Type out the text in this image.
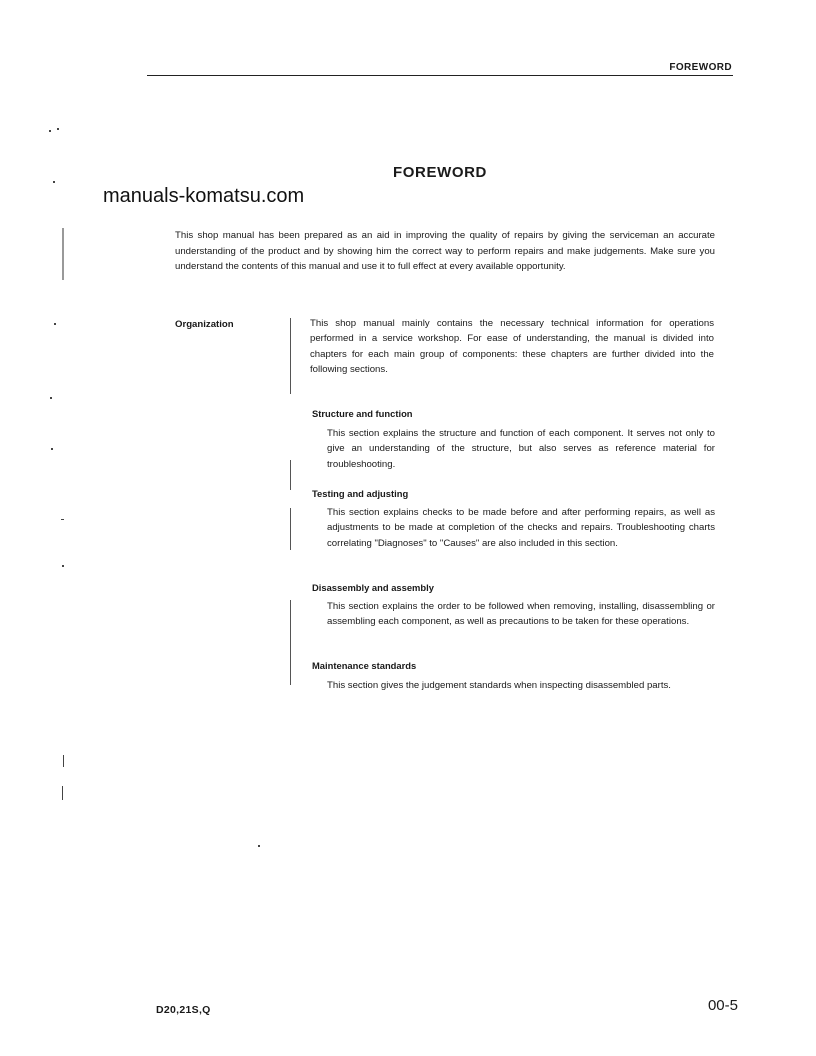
FOREWORD
FOREWORD
manuals-komatsu.com
This shop manual has been prepared as an aid in improving the quality of repairs by giving the serviceman an accurate understanding of the product and by showing him the correct way to perform repairs and make judgements. Make sure you understand the contents of this manual and use it to full effect at every available opportunity.
Organization	This shop manual mainly contains the necessary technical information for operations performed in a service workshop. For ease of understanding, the manual is divided into chapters for each main group of components: these chapters are further divided into the following sections.
Structure and function
This section explains the structure and function of each component. It serves not only to give an understanding of the structure, but also serves as reference material for troubleshooting.
Testing and adjusting
This section explains checks to be made before and after performing repairs, as well as adjustments to be made at completion of the checks and repairs. Troubleshooting charts correlating "Diagnoses" to "Causes" are also included in this section.
Disassembly and assembly
This section explains the order to be followed when removing, installing, disassembling or assembling each component, as well as precautions to be taken for these operations.
Maintenance standards
This section gives the judgement standards when inspecting disassembled parts.
D20,21S,Q	00-5
